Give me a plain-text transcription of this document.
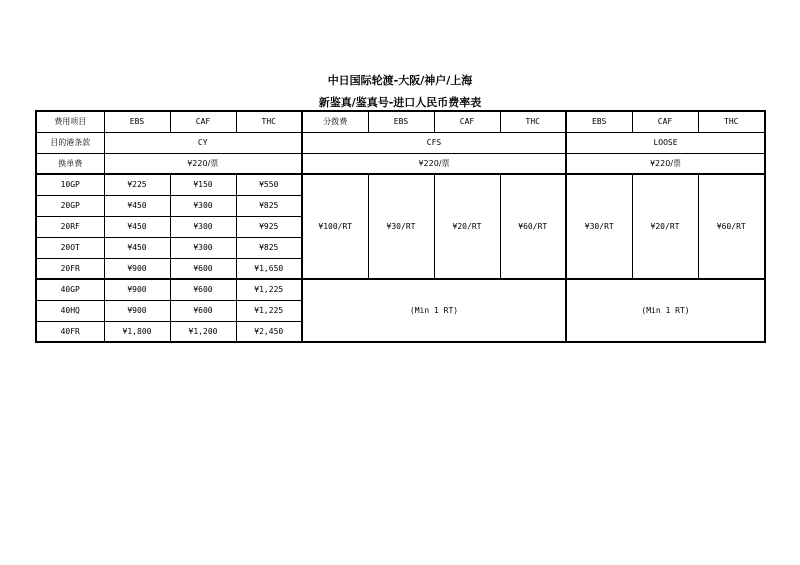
中日国际轮渡-大阪/神户/上海
新鉴真/鉴真号-进口人民币费率表
费用项目	EBS	CAF	THC	分拨费	EBS	CAF	THC	EBS	CAF	THC
目的港条款	CY			CFS				LOOSE		
换单费	¥220/票			¥220/票				¥220/票		
10GP	¥225	¥150	¥550	¥100/RT	¥30/RT	¥20/RT	¥60/RT	¥30/RT	¥20/RT	¥60/RT
20GP	¥450	¥300	¥825							
20RF	¥450	¥300	¥925							
20OT	¥450	¥300	¥825							
20FR	¥900	¥600	¥1,650							
40GP	¥900	¥600	¥1,225	(Min 1 RT)				(Min 1 RT)		
40HQ	¥900	¥600	¥1,225							
40FR	¥1,800	¥1,200	¥2,450							
